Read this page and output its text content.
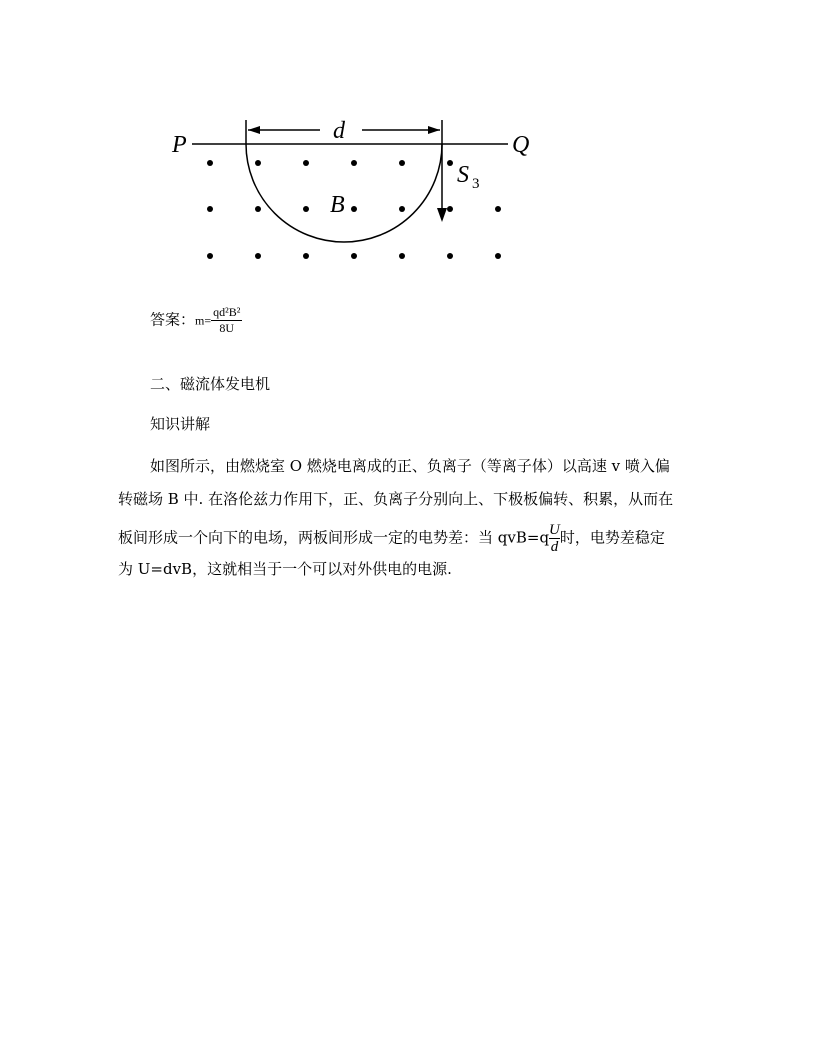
P	Q
d
B
S 3
答案：$m= \frac{\text{qd²B²}}{8U}$
二、磁流体发电机
知识讲解
如图所示，由燃烧室 O 燃烧电离成的正、负离子（等离子体）以高速 v 喷入偏
转磁场 B 中. 在洛伦兹力作用下，正、负离子分别向上、下极板偏转、积累，从而在
板间形成一个向下的电场，两板间形成一定的电势差：当 $qvB=q \frac{U}{d}$ 时，电势差稳定
为 U=dvB，这就相当于一个可以对外供电的电源.
